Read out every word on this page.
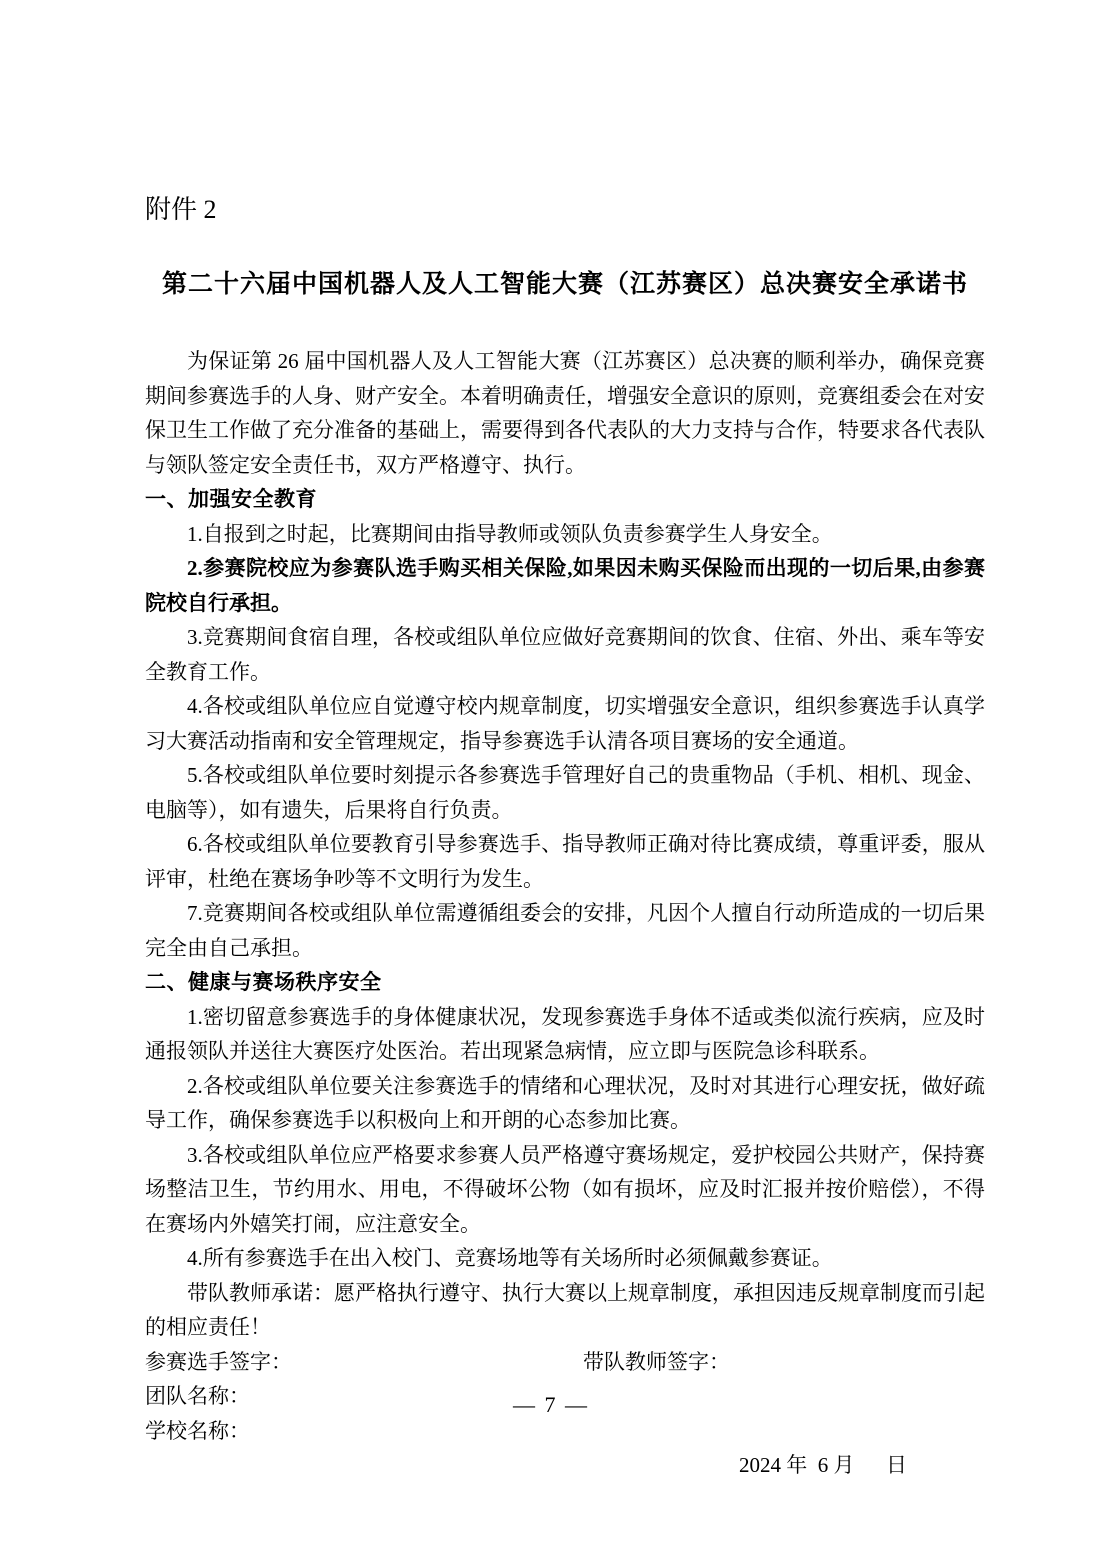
附件 2
第二十六届中国机器人及人工智能大赛（江苏赛区）总决赛安全承诺书

为保证第 26 届中国机器人及人工智能大赛（江苏赛区）总决赛的顺利举办，确保竞赛期间参赛选手的人身、财产安全。本着明确责任，增强安全意识的原则，竞赛组委会在对安保卫生工作做了充分准备的基础上，需要得到各代表队的大力支持与合作，特要求各代表队与领队签定安全责任书，双方严格遵守、执行。

一、加强安全教育

1.自报到之时起，比赛期间由指导教师或领队负责参赛学生人身安全。

2.参赛院校应为参赛队选手购买相关保险,如果因未购买保险而出现的一切后果,由参赛院校自行承担。

3.竞赛期间食宿自理，各校或组队单位应做好竞赛期间的饮食、住宿、外出、乘车等安全教育工作。

4.各校或组队单位应自觉遵守校内规章制度，切实增强安全意识，组织参赛选手认真学习大赛活动指南和安全管理规定，指导参赛选手认清各项目赛场的安全通道。

5.各校或组队单位要时刻提示各参赛选手管理好自己的贵重物品（手机、相机、现金、电脑等），如有遗失，后果将自行负责。

6.各校或组队单位要教育引导参赛选手、指导教师正确对待比赛成绩，尊重评委，服从评审，杜绝在赛场争吵等不文明行为发生。

7.竞赛期间各校或组队单位需遵循组委会的安排，凡因个人擅自行动所造成的一切后果完全由自己承担。

二、健康与赛场秩序安全

1.密切留意参赛选手的身体健康状况，发现参赛选手身体不适或类似流行疾病，应及时通报领队并送往大赛医疗处医治。若出现紧急病情，应立即与医院急诊科联系。

2.各校或组队单位要关注参赛选手的情绪和心理状况，及时对其进行心理安抚，做好疏导工作，确保参赛选手以积极向上和开朗的心态参加比赛。

3.各校或组队单位应严格要求参赛人员严格遵守赛场规定，爱护校园公共财产，保持赛场整洁卫生，节约用水、用电，不得破坏公物（如有损坏，应及时汇报并按价赔偿），不得在赛场内外嬉笑打闹，应注意安全。

4.所有参赛选手在出入校门、竞赛场地等有关场所时必须佩戴参赛证。

带队教师承诺：愿严格执行遵守、执行大赛以上规章制度，承担因违反规章制度而引起的相应责任！

参赛选手签字：	带队教师签字：

团队名称：

学校名称：

2024 年  6 月      日

— 7 —
